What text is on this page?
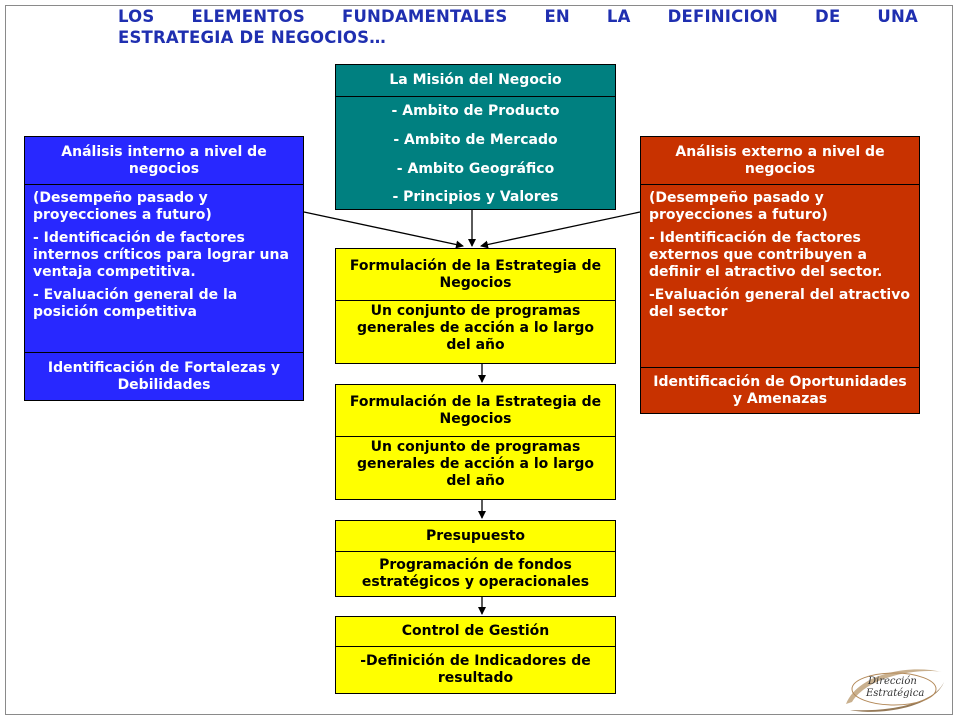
LOS ELEMENTOS FUNDAMENTALES EN LA DEFINICION DE UNA
ESTRATEGIA DE NEGOCIOS…
La Misión del Negocio
- Ambito de Producto
- Ambito de Mercado
- Ambito Geográfico
- Principios y Valores
Análisis interno a nivel de negocios

(Desempeño pasado y proyecciones a futuro)

- Identificación de factores internos críticos para lograr una ventaja competitiva.

- Evaluación general de la posición competitiva

Identificación de Fortalezas y Debilidades
Análisis externo a nivel de negocios

(Desempeño pasado y proyecciones a futuro)

- Identificación de factores externos que contribuyen a definir el atractivo del sector.

-Evaluación general del atractivo del sector

Identificación de Oportunidades y Amenazas
Formulación de la Estrategia de Negocios
Un conjunto de programas generales de acción a lo largo del año
Formulación de la Estrategia de Negocios
Un conjunto de programas generales de acción a lo largo del año
Presupuesto
Programación de fondos estratégicos y operacionales
Control de Gestión
-Definición de Indicadores de resultado	Dirección
Estratégica
